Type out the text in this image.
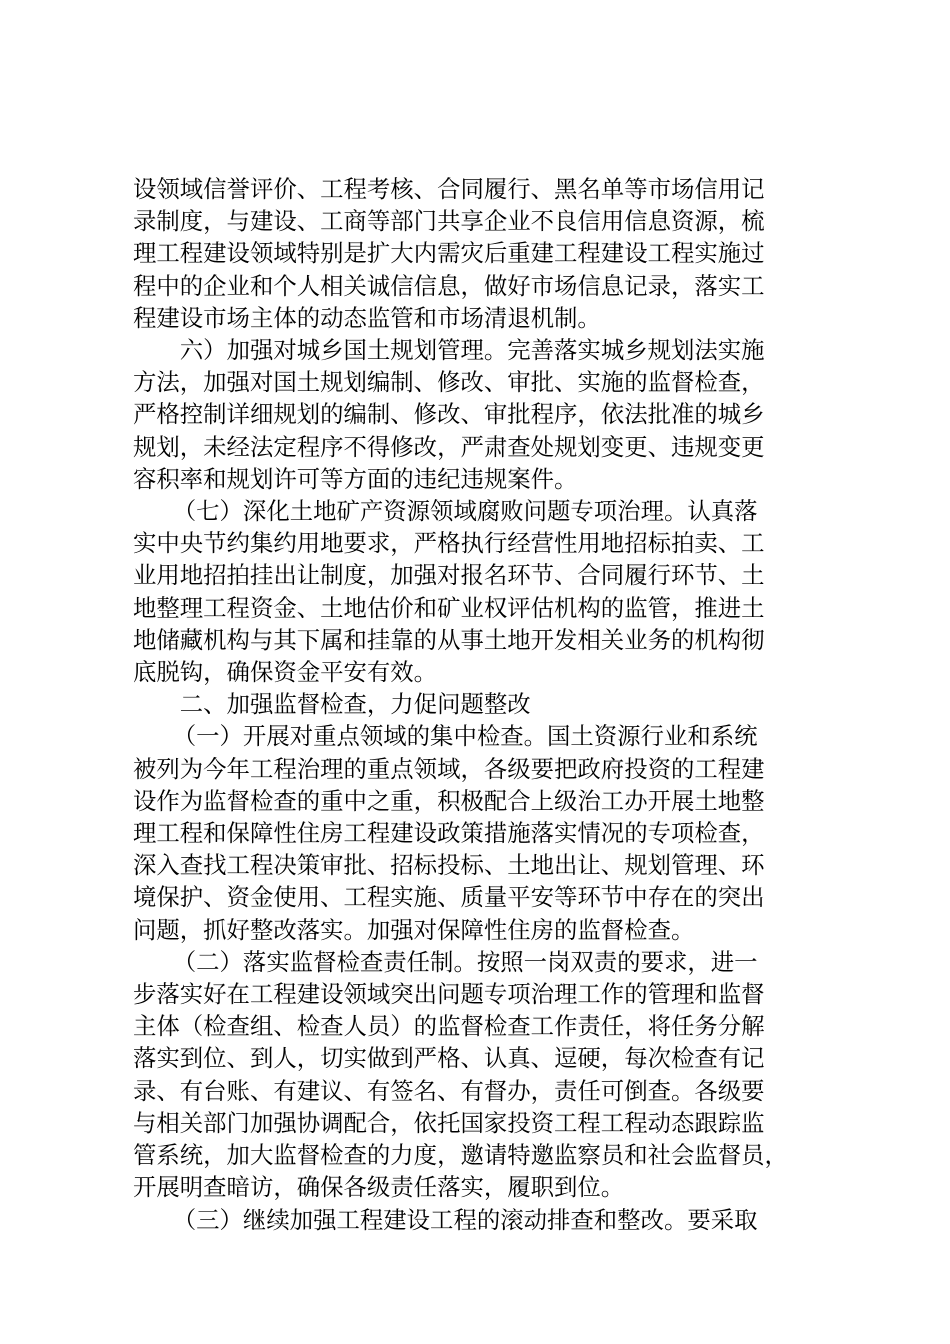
设领域信誉评价、工程考核、合同履行、黑名单等市场信用记
录制度，与建设、工商等部门共享企业不良信用信息资源，梳
理工程建设领域特别是扩大内需灾后重建工程建设工程实施过
程中的企业和个人相关诚信信息，做好市场信息记录，落实工
程建设市场主体的动态监管和市场清退机制。

六）加强对城乡国土规划管理。完善落实城乡规划法实施
方法，加强对国土规划编制、修改、审批、实施的监督检查，
严格控制详细规划的编制、修改、审批程序，依法批准的城乡
规划，未经法定程序不得修改，严肃查处规划变更、违规变更
容积率和规划许可等方面的违纪违规案件。

（七）深化土地矿产资源领域腐败问题专项治理。认真落
实中央节约集约用地要求，严格执行经营性用地招标拍卖、工
业用地招拍挂出让制度，加强对报名环节、合同履行环节、土
地整理工程资金、土地估价和矿业权评估机构的监管，推进土
地储藏机构与其下属和挂靠的从事土地开发相关业务的机构彻
底脱钩，确保资金平安有效。

二、加强监督检查，力促问题整改

（一）开展对重点领域的集中检查。国土资源行业和系统
被列为今年工程治理的重点领域，各级要把政府投资的工程建
设作为监督检查的重中之重，积极配合上级治工办开展土地整
理工程和保障性住房工程建设政策措施落实情况的专项检查，
深入查找工程决策审批、招标投标、土地出让、规划管理、环
境保护、资金使用、工程实施、质量平安等环节中存在的突出
问题，抓好整改落实。加强对保障性住房的监督检查。

（二）落实监督检查责任制。按照一岗双责的要求，进一
步落实好在工程建设领域突出问题专项治理工作的管理和监督
主体（检查组、检查人员）的监督检查工作责任，将任务分解
落实到位、到人，切实做到严格、认真、逗硬，每次检查有记
录、有台账、有建议、有签名、有督办，责任可倒查。各级要
与相关部门加强协调配合，依托国家投资工程工程动态跟踪监
管系统，加大监督检查的力度，邀请特邀监察员和社会监督员，
开展明查暗访，确保各级责任落实，履职到位。

（三）继续加强工程建设工程的滚动排查和整改。要采取
